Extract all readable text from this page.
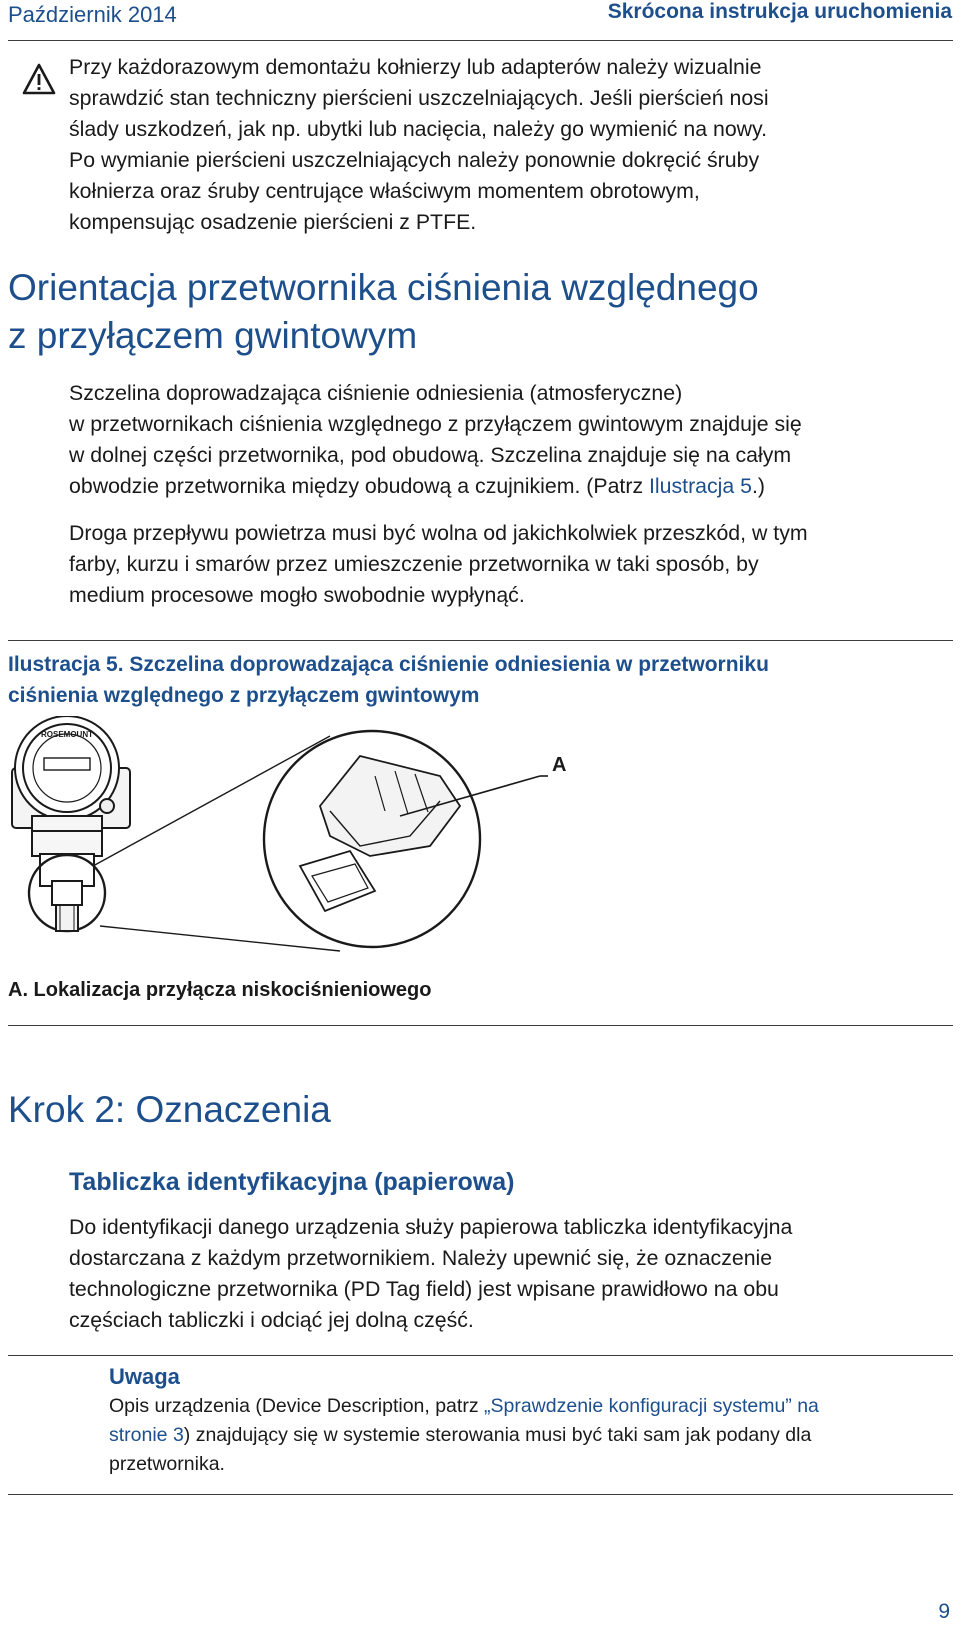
Październik 2014	Skrócona instrukcja uruchomienia

Przy każdorazowym demontażu kołnierzy lub adapterów należy wizualnie

sprawdzić stan techniczny pierścieni uszczelniających. Jeśli pierścień nosi

ślady uszkodzeń, jak np. ubytki lub nacięcia, należy go wymienić na nowy.

Po wymianie pierścieni uszczelniających należy ponownie dokręcić śruby

kołnierza oraz śruby centrujące właściwym momentem obrotowym,

kompensując osadzenie pierścieni z PTFE.

Orientacja przetwornika ciśnienia względnego
z przyłączem gwintowym

Szczelina doprowadzająca ciśnienie odniesienia (atmosferyczne)

w przetwornikach ciśnienia względnego z przyłączem gwintowym znajduje się

w dolnej części przetwornika, pod obudową. Szczelina znajduje się na całym

obwodzie przetwornika między obudową a czujnikiem. (Patrz Ilustracja 5.)

Droga przepływu powietrza musi być wolna od jakichkolwiek przeszkód, w tym

farby, kurzu i smarów przez umieszczenie przetwornika w taki sposób, by

medium procesowe mogło swobodnie wypłynąć.

Ilustracja 5. Szczelina doprowadzająca ciśnienie odniesienia w przetworniku
ciśnienia względnego z przyłączem gwintowym
ROSEMOUNT
A
A. Lokalizacja przyłącza niskociśnieniowego
Krok 2: Oznaczenia
Tabliczka identyfikacyjna (papierowa)

Do identyfikacji danego urządzenia służy papierowa tabliczka identyfikacyjna

dostarczana z każdym przetwornikiem. Należy upewnić się, że oznaczenie

technologiczne przetwornika (PD Tag field) jest wpisane prawidłowo na obu

częściach tabliczki i odciąć jej dolną część.

Uwaga
Opis urządzenia (Device Description, patrz „Sprawdzenie konfiguracji systemu” na
stronie 3) znajdujący się w systemie sterowania musi być taki sam jak podany dla
przetwornika.
9
